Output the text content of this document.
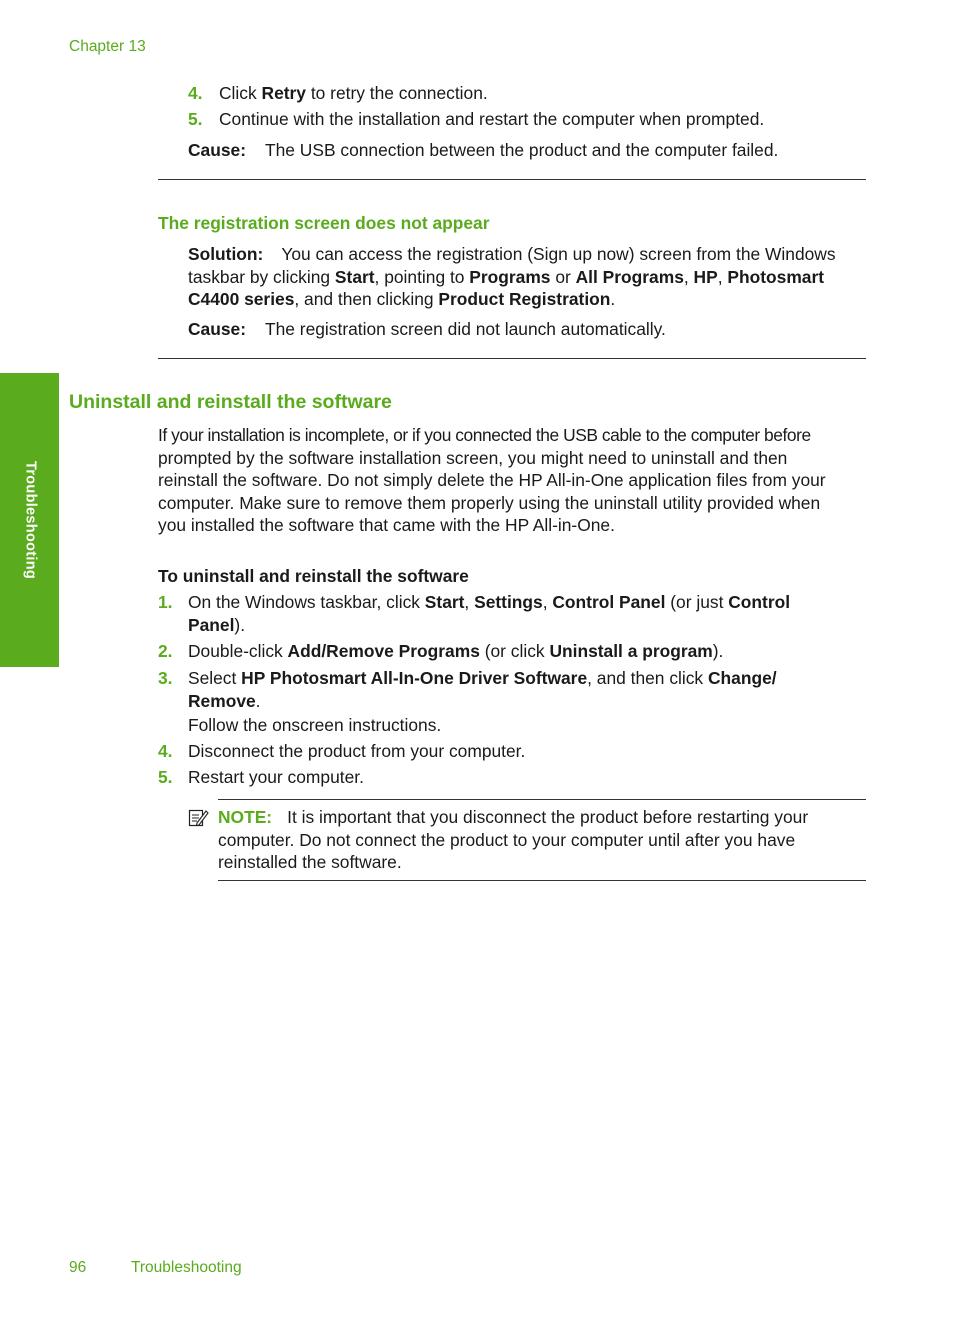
Chapter 13
4. Click Retry to retry the connection.
5. Continue with the installation and restart the computer when prompted.
Cause: The USB connection between the product and the computer failed.
The registration screen does not appear
Solution: You can access the registration (Sign up now) screen from the Windows
taskbar by clicking Start, pointing to Programs or All Programs, HP, Photosmart
C4400 series, and then clicking Product Registration.
Cause: The registration screen did not launch automatically.
Troubleshooting
Uninstall and reinstall the software
If your installation is incomplete, or if you connected the USB cable to the computer before
prompted by the software installation screen, you might need to uninstall and then
reinstall the software. Do not simply delete the HP All-in-One application files from your
computer. Make sure to remove them properly using the uninstall utility provided when
you installed the software that came with the HP All-in-One.
To uninstall and reinstall the software
1. On the Windows taskbar, click Start, Settings, Control Panel (or just Control
Panel).
2. Double-click Add/Remove Programs (or click Uninstall a program).
3. Select HP Photosmart All-In-One Driver Software, and then click Change/
Remove.
Follow the onscreen instructions.
4. Disconnect the product from your computer.
5. Restart your computer.
NOTE: It is important that you disconnect the product before restarting your
computer. Do not connect the product to your computer until after you have
reinstalled the software.
96	Troubleshooting
